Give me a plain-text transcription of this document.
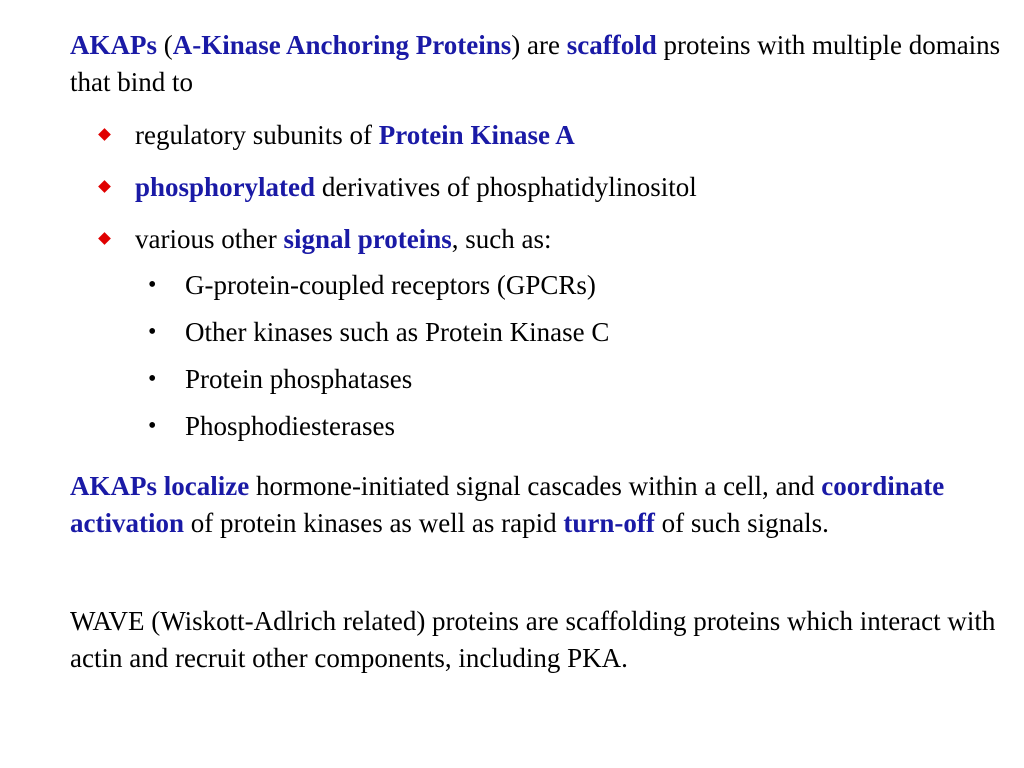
AKAPs (A-Kinase Anchoring Proteins) are scaffold proteins with multiple domains that bind to

regulatory subunits of Protein Kinase A
phosphorylated derivatives of phosphatidylinositol
various other signal proteins, such as:
• G-protein-coupled receptors (GPCRs)
• Other kinases such as Protein Kinase C
• Protein phosphatases
• Phosphodiesterases

AKAPs localize hormone-initiated signal cascades within a cell, and coordinate activation of protein kinases as well as rapid turn-off of such signals.

WAVE (Wiskott-Adlrich related) proteins are scaffolding proteins which interact with actin and recruit other components, including PKA.
